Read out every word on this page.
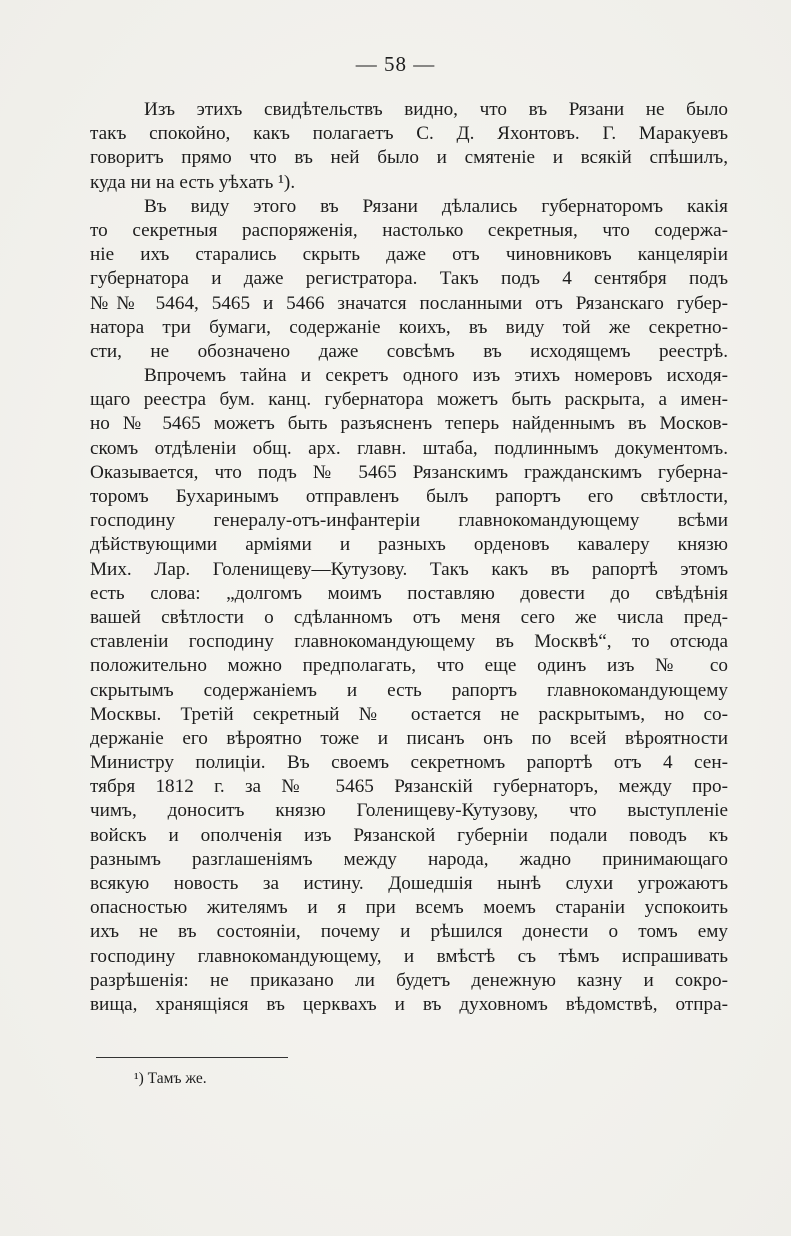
— 58 —
Изъ этихъ свидѣтельствъ видно, что въ Рязани не было
такъ спокойно, какъ полагаетъ С. Д. Яхонтовъ. Г. Маракуевъ
говоритъ прямо что въ ней было и смятеніе и всякій спѣшилъ,
куда ни на есть уѣхать ¹).
Въ виду этого въ Рязани дѣлались губернаторомъ какія
то секретныя распоряженія, настолько секретныя, что содержа-
ніе ихъ старались скрыть даже отъ чиновниковъ канцеляріи
губернатора и даже регистратора. Такъ подъ 4 сентября подъ
№№ 5464, 5465 и 5466 значатся посланными отъ Рязанскаго губер-
натора три бумаги, содержаніе коихъ, въ виду той же секретно-
сти, не обозначено даже совсѣмъ въ исходящемъ реестрѣ.
Впрочемъ тайна и секретъ одного изъ этихъ номеровъ исходя-
щаго реестра бум. канц. губернатора можетъ быть раскрыта, а имен-
но № 5465 можетъ быть разъясненъ теперь найденнымъ въ Москов-
скомъ отдѣленіи общ. арх. главн. штаба, подлиннымъ документомъ.
Оказывается, что подъ № 5465 Рязанскимъ гражданскимъ губерна-
торомъ Бухаринымъ отправленъ былъ рапортъ его свѣтлости,
господину генералу-отъ-инфантеріи главнокомандующему всѣми
дѣйствующими арміями и разныхъ орденовъ кавалеру князю
Мих. Лар. Голенищеву—Кутузову. Такъ какъ въ рапортѣ этомъ
есть слова: „долгомъ моимъ поставляю довести до свѣдѣнія
вашей свѣтлости о сдѣланномъ отъ меня сего же числа пред-
ставленіи господину главнокомандующему въ Москвѣ“, то отсюда
положительно можно предполагать, что еще одинъ изъ № со
скрытымъ содержаніемъ и есть рапортъ главнокомандующему
Москвы. Третій секретный № остается не раскрытымъ, но со-
держаніе его вѣроятно тоже и писанъ онъ по всей вѣроятности
Министру полиціи. Въ своемъ секретномъ рапортѣ отъ 4 сен-
тября 1812 г. за № 5465 Рязанскій губернаторъ, между про-
чимъ, доноситъ князю Голенищеву-Кутузову, что выступленіе
войскъ и ополченія изъ Рязанской губерніи подали поводъ къ
разнымъ разглашеніямъ между народа, жадно принимающаго
всякую новость за истину. Дошедшія нынѣ слухи угрожаютъ
опасностью жителямъ и я при всемъ моемъ стараніи успокоить
ихъ не въ состояніи, почему и рѣшился донести о томъ ему
господину главнокомандующему, и вмѣстѣ съ тѣмъ испрашивать
разрѣшенія: не приказано ли будетъ денежную казну и сокро-
вища, хранящіяся въ церквахъ и въ духовномъ вѣдомствѣ, отпра-
¹) Тамъ же.
